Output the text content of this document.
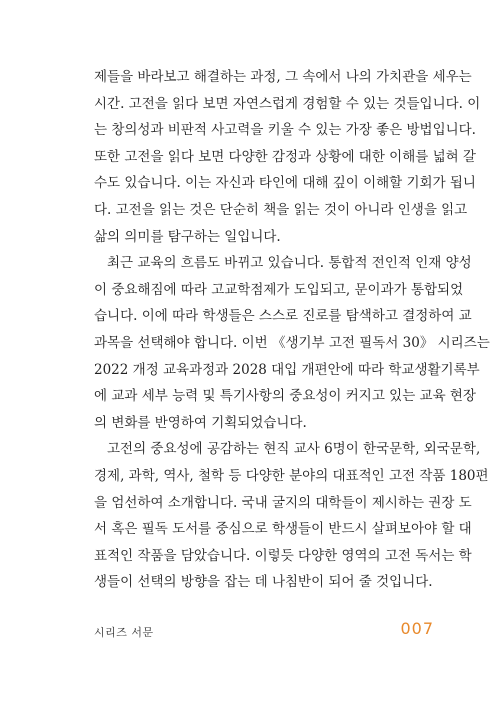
제들을 바라보고 해결하는 과정, 그 속에서 나의 가치관을 세우는
시간. 고전을 읽다 보면 자연스럽게 경험할 수 있는 것들입니다. 이
는 창의성과 비판적 사고력을 키울 수 있는 가장 좋은 방법입니다.
또한 고전을 읽다 보면 다양한 감정과 상황에 대한 이해를 넓혀 갈
수도 있습니다. 이는 자신과 타인에 대해 깊이 이해할 기회가 됩니
다. 고전을 읽는 것은 단순히 책을 읽는 것이 아니라 인생을 읽고
삶의 의미를 탐구하는 일입니다.
최근 교육의 흐름도 바뀌고 있습니다. 통합적 전인적 인재 양성
이 중요해짐에 따라 고교학점제가 도입되고, 문이과가 통합되었
습니다. 이에 따라 학생들은 스스로 진로를 탐색하고 결정하여 교
과목을 선택해야 합니다. 이번 《생기부 고전 필독서 30》 시리즈는
2022 개정 교육과정과 2028 대입 개편안에 따라 학교생활기록부
에 교과 세부 능력 및 특기사항의 중요성이 커지고 있는 교육 현장
의 변화를 반영하여 기획되었습니다.
고전의 중요성에 공감하는 현직 교사 6명이 한국문학, 외국문학,
경제, 과학, 역사, 철학 등 다양한 분야의 대표적인 고전 작품 180편
을 엄선하여 소개합니다. 국내 굴지의 대학들이 제시하는 권장 도
서 혹은 필독 도서를 중심으로 학생들이 반드시 살펴보아야 할 대
표적인 작품을 담았습니다. 이렇듯 다양한 영역의 고전 독서는 학
생들이 선택의 방향을 잡는 데 나침반이 되어 줄 것입니다.
시리즈 서문	007
